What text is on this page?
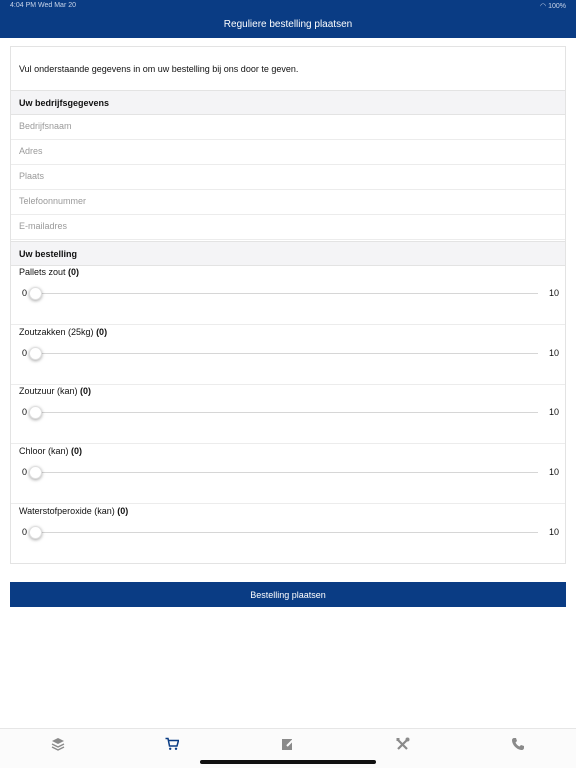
4:04 PM Wed Mar 20	◠ 100%
Reguliere bestelling plaatsen
Vul onderstaande gegevens in om uw bestelling bij ons door te geven.
Uw bedrijfsgegevens
Bedrijfsnaam
Adres
Plaats
Telefoonnummer
E-mailadres
Uw bestelling
Pallets zout (0)
0	10
Zoutzakken (25kg) (0)
0	10
Zoutzuur (kan) (0)
0	10
Chloor (kan) (0)
0	10
Waterstofperoxide (kan) (0)
0	10
Bestelling plaatsen
